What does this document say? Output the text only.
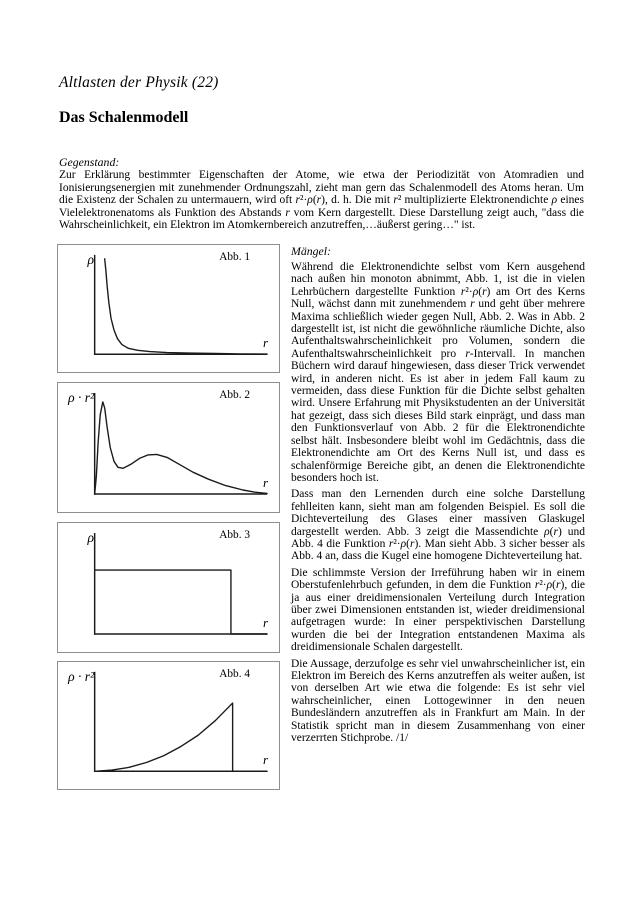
Altlasten der Physik (22)
Das Schalenmodell
Gegenstand:

Zur Erklärung bestimmter Eigenschaften der Atome, wie etwa der Periodizität von Atomradien und Ionisierungsenergien mit zunehmender Ordnungszahl, zieht man gern das Schalenmodell des Atoms heran. Um die Existenz der Schalen zu untermauern, wird oft r²·ρ(r), d. h. Die mit r² multiplizierte Elektronendichte ρ eines Vielelektronenatoms als Funktion des Abstands r vom Kern dargestellt. Diese Darstellung zeigt auch, "dass die Wahrscheinlichkeit, ein Elektron im Atomkernbereich anzutreffen,…äußerst gering…" ist.

Abb. 1
ρ
r
Abb. 2
ρ · r²
r
Abb. 3
ρ
r
Abb. 4
ρ · r²
r
Mängel:

Während die Elektronendichte selbst vom Kern ausgehend nach außen hin monoton abnimmt, Abb. 1, ist die in vielen Lehrbüchern dargestellte Funktion r²·ρ(r) am Ort des Kerns Null, wächst dann mit zunehmendem r und geht über mehrere Maxima schließlich wieder gegen Null, Abb. 2. Was in Abb. 2 dargestellt ist, ist nicht die gewöhnliche räumliche Dichte, also Aufenthaltswahrscheinlichkeit pro Volumen, sondern die Aufenthaltswahrscheinlichkeit pro r-Intervall. In manchen Büchern wird darauf hingewiesen, dass dieser Trick verwendet wird, in anderen nicht. Es ist aber in jedem Fall kaum zu vermeiden, dass diese Funktion für die Dichte selbst gehalten wird. Unsere Erfahrung mit Physikstudenten an der Universität hat gezeigt, dass sich dieses Bild stark einprägt, und dass man den Funktionsverlauf von Abb. 2 für die Elektronendichte selbst hält. Insbesondere bleibt wohl im Gedächtnis, dass die Elektronendichte am Ort des Kerns Null ist, und dass es schalenförmige Bereiche gibt, an denen die Elektronendichte besonders hoch ist.

Dass man den Lernenden durch eine solche Darstellung fehlleiten kann, sieht man am folgenden Beispiel. Es soll die Dichteverteilung des Glases einer massiven Glaskugel dargestellt werden. Abb. 3 zeigt die Massendichte ρ(r) und Abb. 4 die Funktion r²·ρ(r). Man sieht Abb. 3 sicher besser als Abb. 4 an, dass die Kugel eine homogene Dichteverteilung hat.

Die schlimmste Version der Irreführung haben wir in einem Oberstufenlehrbuch gefunden, in dem die Funktion r²·ρ(r), die ja aus einer dreidimensionalen Verteilung durch Integration über zwei Dimensionen entstanden ist, wieder dreidimensional aufgetragen wurde: In einer perspektivischen Darstellung wurden die bei der Integration entstandenen Maxima als dreidimensionale Schalen dargestellt.

Die Aussage, derzufolge es sehr viel unwahrscheinlicher ist, ein Elektron im Bereich des Kerns anzutreffen als weiter außen, ist von derselben Art wie etwa die folgende: Es ist sehr viel wahrscheinlicher, einen Lottogewinner in den neuen Bundesländern anzutreffen als in Frankfurt am Main. In der Statistik spricht man in diesem Zusammenhang von einer verzerrten Stichprobe. /1/
